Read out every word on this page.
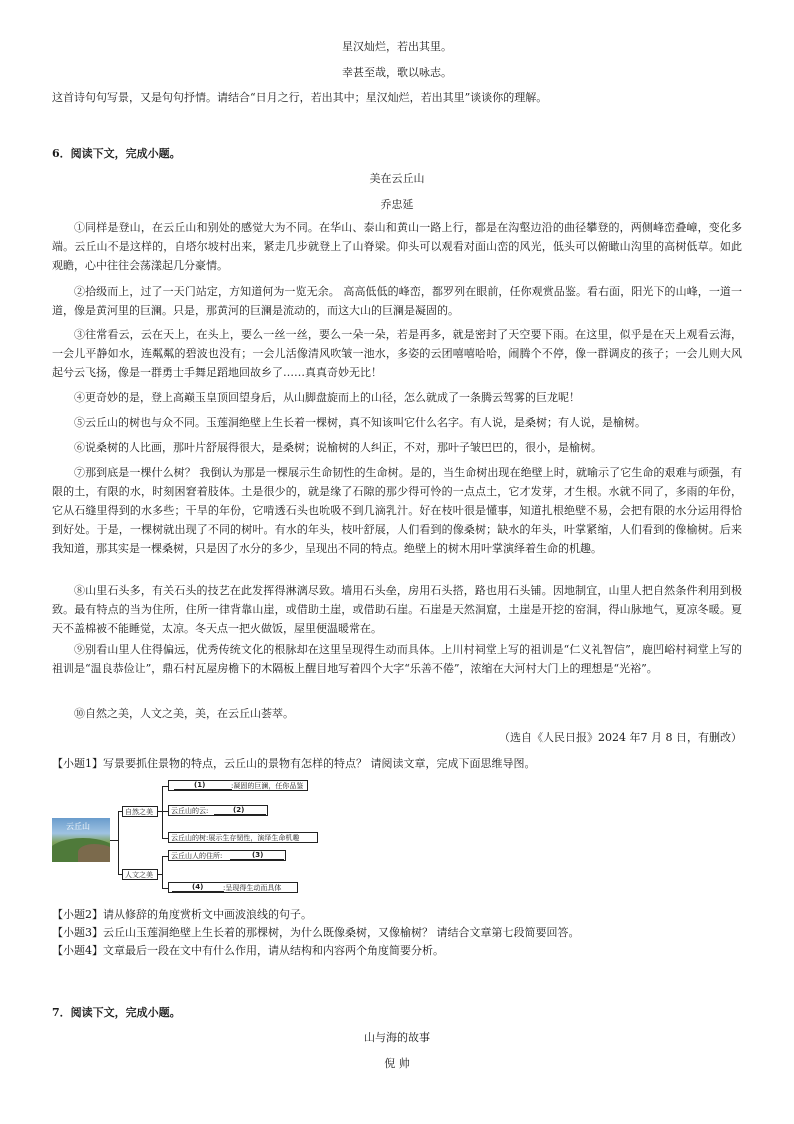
星汉灿烂，若出其里。
幸甚至哉，歌以咏志。
这首诗句句写景，又是句句抒情。请结合“日月之行，若出其中；星汉灿烂，若出其里”谈谈你的理解。
6．阅读下文，完成小题。
美在云丘山
乔忠延
①同样是登山，在云丘山和别处的感觉大为不同。在华山、泰山和黄山一路上行，都是在沟壑边沿的曲径攀登的，两侧峰峦叠嶂，变化多端。云丘山不是这样的，自塔尔坡村出来，紧走几步就登上了山脊梁。仰头可以观看对面山峦的风光，低头可以俯瞰山沟里的高树低草。如此观瞻，心中往往会荡漾起几分豪情。
②拾级而上，过了一天门站定，方知道何为一览无余。 高高低低的峰峦，都罗列在眼前，任你观赏品鉴。看右面，阳光下的山峰，一道一道，像是黄河里的巨澜。只是，那黄河的巨澜是流动的，而这大山的巨澜是凝固的。
③往常看云，云在天上，在头上，要么一丝一丝，要么一朵一朵，若是再多，就是密封了天空要下雨。在这里，似乎是在天上观看云海，一会儿平静如水，连粼粼的碧波也没有；一会儿活像清风吹皱一池水，多姿的云团嘻嘻哈哈，闹腾个不停，像一群调皮的孩子；一会儿则大风起兮云飞扬，像是一群勇士手舞足蹈地回故乡了……真真奇妙无比！
④更奇妙的是，登上高巅玉皇顶回望身后，从山脚盘旋而上的山径，怎么就成了一条腾云驾雾的巨龙呢！
⑤云丘山的树也与众不同。玉莲洞绝壁上生长着一棵树，真不知该叫它什么名字。有人说，是桑树；有人说，是榆树。
⑥说桑树的人比画，那叶片舒展得很大，是桑树；说榆树的人纠正，不对，那叶子皱巴巴的，很小，是榆树。
⑦那到底是一棵什么树？ 我倒认为那是一棵展示生命韧性的生命树。是的，当生命树出现在绝壁上时，就喻示了它生命的艰难与顽强，有限的土，有限的水，时刻困窘着肢体。土是很少的，就是缘了石隙的那少得可怜的一点点土，它才发芽，才生根。水就不同了，多雨的年份，它从石缝里得到的水多些；干旱的年份，它啃透石头也吮吸不到几滴乳汁。好在枝叶很是懂事，知道扎根绝壁不易，会把有限的水分运用得恰到好处。于是，一棵树就出现了不同的树叶。有水的年头，枝叶舒展，人们看到的像桑树；缺水的年头，叶掌紧缩，人们看到的像榆树。后来我知道，那其实是一棵桑树，只是因了水分的多少，呈现出不同的特点。绝壁上的树木用叶掌演绎着生命的机趣。
⑧山里石头多，有关石头的技艺在此发挥得淋漓尽致。墙用石头垒，房用石头搭，路也用石头铺。因地制宜，山里人把自然条件利用到极致。最有特点的当为住所，住所一律背靠山崖，或借助土崖，或借助石崖。石崖是天然洞窟，土崖是开挖的窑洞，得山脉地气，夏凉冬暖。夏天不盖棉被不能睡觉，太凉。冬天点一把火做饭，屋里便温暖常在。
⑨别看山里人住得偏远，优秀传统文化的根脉却在这里呈现得生动而具体。上川村祠堂上写的祖训是“仁义礼智信”，鹿凹峪村祠堂上写的祖训是“温良恭俭让”，鼎石村瓦屋房檐下的木隔板上醒目地写着四个大字“乐善不倦”，浓缩在大河村大门上的理想是“光裕”。
⑩自然之美，人文之美，美，在云丘山荟萃。
（选自《人民日报》2024 年7 月 8 日，有删改）
【小题1】写景要抓住景物的特点，云丘山的景物有怎样的特点？ 请阅读文章，完成下面思维导图。
云丘山
自然之美
人文之美
:凝固的巨澜，任你品鉴
(1)
云丘山的云:	(2)
云丘山的树:展示生存韧性，演绎生命机趣
云丘山人的住所:	(3)
:呈现得生动而具体
(4)
【小题2】请从修辞的角度赏析文中画波浪线的句子。
【小题3】云丘山玉莲洞绝壁上生长着的那棵树，为什么既像桑树，又像榆树？ 请结合文章第七段简要回答。
【小题4】文章最后一段在文中有什么作用，请从结构和内容两个角度简要分析。
7．阅读下文，完成小题。
山与海的故事
倪 帅
